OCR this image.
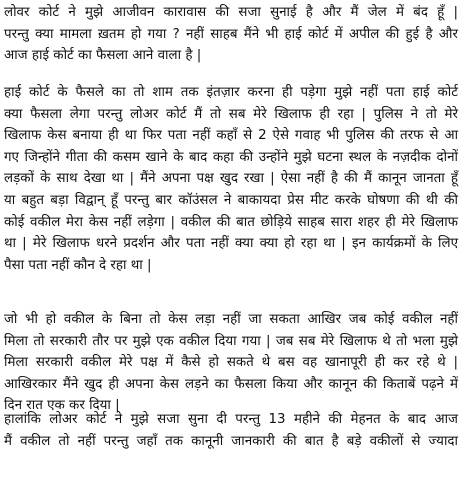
लोवर कोर्ट ने मुझे आजीवन कारावास की सजा सुनाई है और मैं जेल में बंद हूँ |
परन्तु क्या मामला ख़तम हो गया ? नहीं साहब मैंने भी हाई कोर्ट में अपील की हुई है और
आज हाई कोर्ट का फैसला आने वाला है |
हाई कोर्ट के फैसले का तो शाम तक इंतज़ार करना ही पड़ेगा मुझे नहीं पता हाई कोर्ट
क्या फैसला लेगा परन्तु लोअर कोर्ट मैं तो सब मेरे खिलाफ ही रहा | पुलिस ने तो मेरे
खिलाफ केस बनाया ही था फिर पता नहीं कहाँ से 2 ऐसे गवाह भी पुलिस की तरफ से आ
गए जिन्होंने गीता की कसम खाने के बाद कहा की उन्होंने मुझे घटना स्थल के नज़दीक दोनों
लड़कों के साथ देखा था | मैंने अपना पक्ष खुद रखा | ऐसा नहीं है की मैं कानून जानता हूँ
या बहुत बड़ा विद्वान् हूँ परन्तु बार कॉउंसल ने बाकायदा प्रेस मीट करके घोषणा की थी की
कोई वकील मेरा केस नहीं लड़ेगा | वकील की बात छोड़िये साहब सारा शहर ही मेरे खिलाफ
था | मेरे खिलाफ धरने प्रदर्शन और पता नहीं क्या क्या हो रहा था | इन कार्यक्रमों के लिए
पैसा पता नहीं कौन दे रहा था |
जो भी हो वकील के बिना तो केस लड़ा नहीं जा सकता आखिर जब कोई वकील नहीं
मिला तो सरकारी तौर पर मुझे एक वकील दिया गया | जब सब मेरे खिलाफ थे तो भला मुझे
मिला सरकारी वकील मेरे पक्ष में कैसे हो सकते थे बस वह खानापूरी ही कर रहे थे |
आखिरकार मैंने खुद ही अपना केस लड़ने का फैसला किया और कानून की किताबें पढ़ने में
दिन रात एक कर दिया |
हालांकि लोअर कोर्ट ने मुझे सजा सुना दी परन्तु 13 महीने की मेहनत के बाद आज
मैं वकील तो नहीं परन्तु जहाँ तक कानूनी जानकारी की बात है बड़े वकीलों से ज्यादा
